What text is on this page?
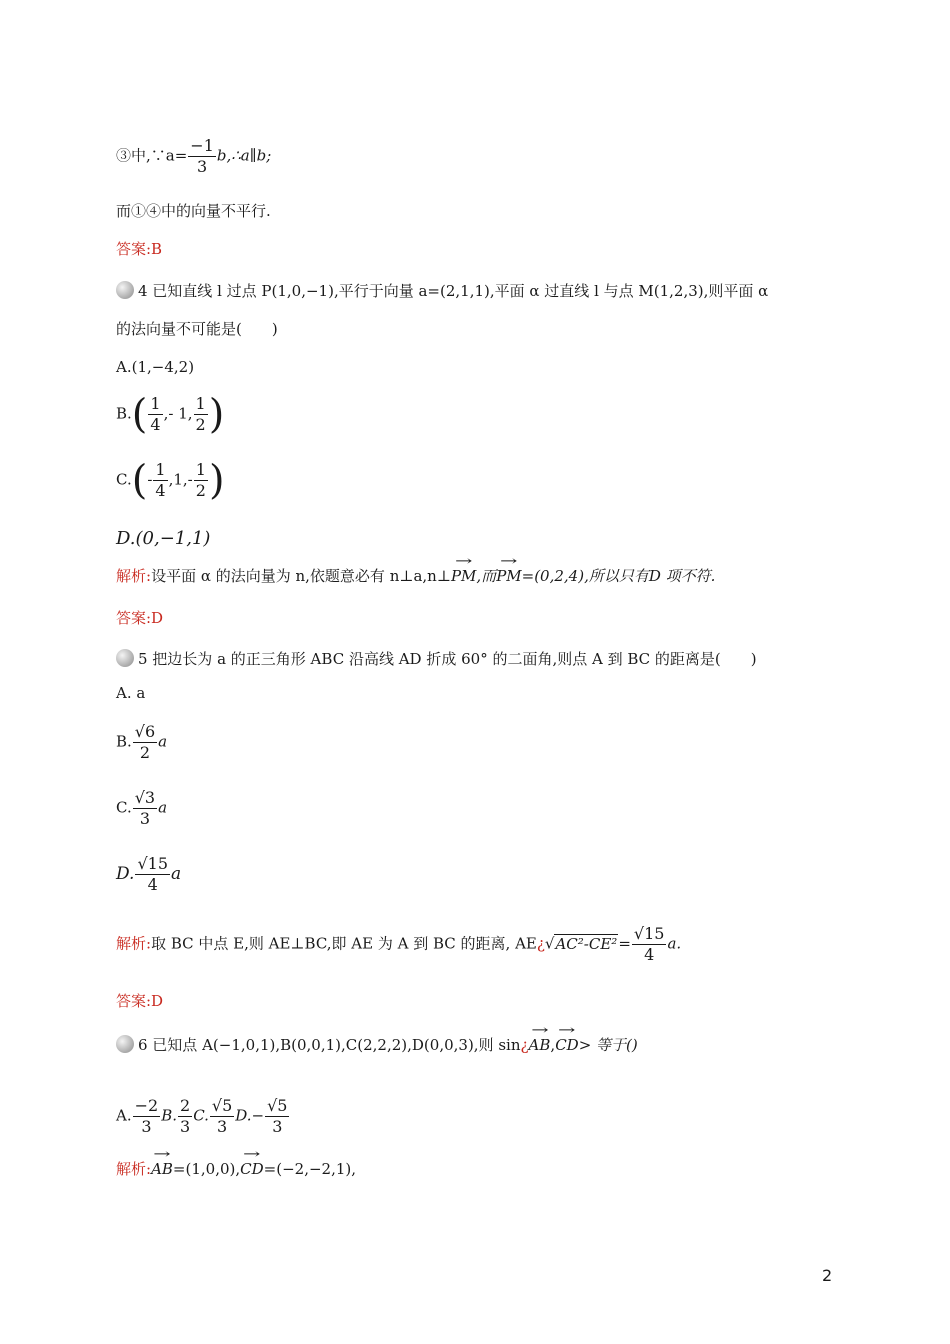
③中,∵a= $\frac{-1}{3}$ b,∴a∥b;
而①④中的向量不平行.
答案:B
4 已知直线 l 过点 P(1,0,−1),平行于向量 a=(2,1,1),平面 α 过直线 l 与点 M(1,2,3),则平面 α
的法向量不可能是(　　)
A.(1,−4,2)
$B.( \frac{1}{4}$ ,- 1, $\frac{1}{2}$ )
$C.(- \frac{1}{4} ,1,- \frac{1}{2}$ )
D.(0,−1,1)
解析:设平面 α 的法向量为 n,依题意必有 n⊥a,n⊥→ PM,而→ PM=(0,2,4),所以只有D 项不符.
答案:D
5 把边长为 a 的正三角形 ABC 沿高线 AD 折成 60° 的二面角,则点 A 到 BC 的距离是(　　)
A. a
B. $\frac{√6}{2}$ a
C. $\frac{√3}{3}$ a
D. $\frac{√15}{4}$ a
解析:取 BC 中点 E,则 AE⊥BC,即 AE 为 A 到 BC 的距离, AE¿√AC²-CE²= $\frac{√15}{4} a$.
答案:D
6 已知点 A(−1,0,1),B(0,0,1),C(2,2,2),D(0,0,3),则 sin¿→ AB,→ CD> 等于()
A. $\frac{-2}{3} B$. $\frac{2}{3} C$. $\frac{√5}{3} D.- \frac{√5}{3}$
解析:→ AB=(1,0,0),→ CD=(−2,−2,1),
2
